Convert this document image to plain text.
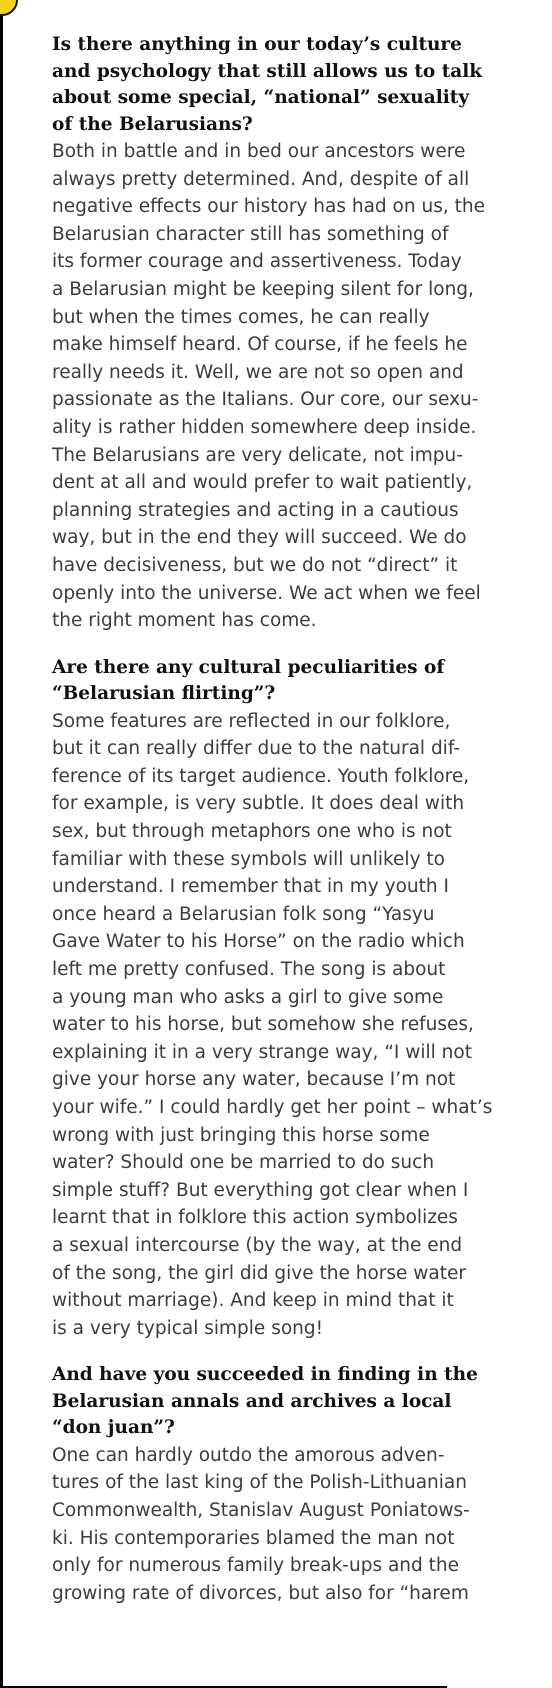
Is there anything in our today’s culture
and psychology that still allows us to talk
about some special, “national” sexuality
of the Belarusians?

Both in battle and in bed our ancestors were
always pretty determined. And, despite of all
negative effects our history has had on us, the
Belarusian character still has something of
its former courage and assertiveness. Today
a Belarusian might be keeping silent for long,
but when the times comes, he can really
make himself heard. Of course, if he feels he
really needs it. Well, we are not so open and
passionate as the Italians. Our core, our sexu-
ality is rather hidden somewhere deep inside.
The Belarusians are very delicate, not impu-
dent at all and would prefer to wait patiently,
planning strategies and acting in a cautious
way, but in the end they will succeed. We do
have decisiveness, but we do not “direct” it
openly into the universe. We act when we feel
the right moment has come.

Are there any cultural peculiarities of
“Belarusian flirting”?

Some features are reflected in our folklore,
but it can really differ due to the natural dif-
ference of its target audience. Youth folklore,
for example, is very subtle. It does deal with
sex, but through metaphors one who is not
familiar with these symbols will unlikely to
understand. I remember that in my youth I
once heard a Belarusian folk song “Yasyu
Gave Water to his Horse” on the radio which
left me pretty confused. The song is about
a young man who asks a girl to give some
water to his horse, but somehow she refuses,
explaining it in a very strange way, “I will not
give your horse any water, because I’m not
your wife.” I could hardly get her point – what’s
wrong with just bringing this horse some
water? Should one be married to do such
simple stuff? But everything got clear when I
learnt that in folklore this action symbolizes
a sexual intercourse (by the way, at the end
of the song, the girl did give the horse water
without marriage). And keep in mind that it
is a very typical simple song!

And have you succeeded in finding in the
Belarusian annals and archives a local
“don juan”?

One can hardly outdo the amorous adven-
tures of the last king of the Polish-Lithuanian
Commonwealth, Stanislav August Poniatows-
ki. His contemporaries blamed the man not
only for numerous family break-ups and the
growing rate of divorces, but also for “harem
